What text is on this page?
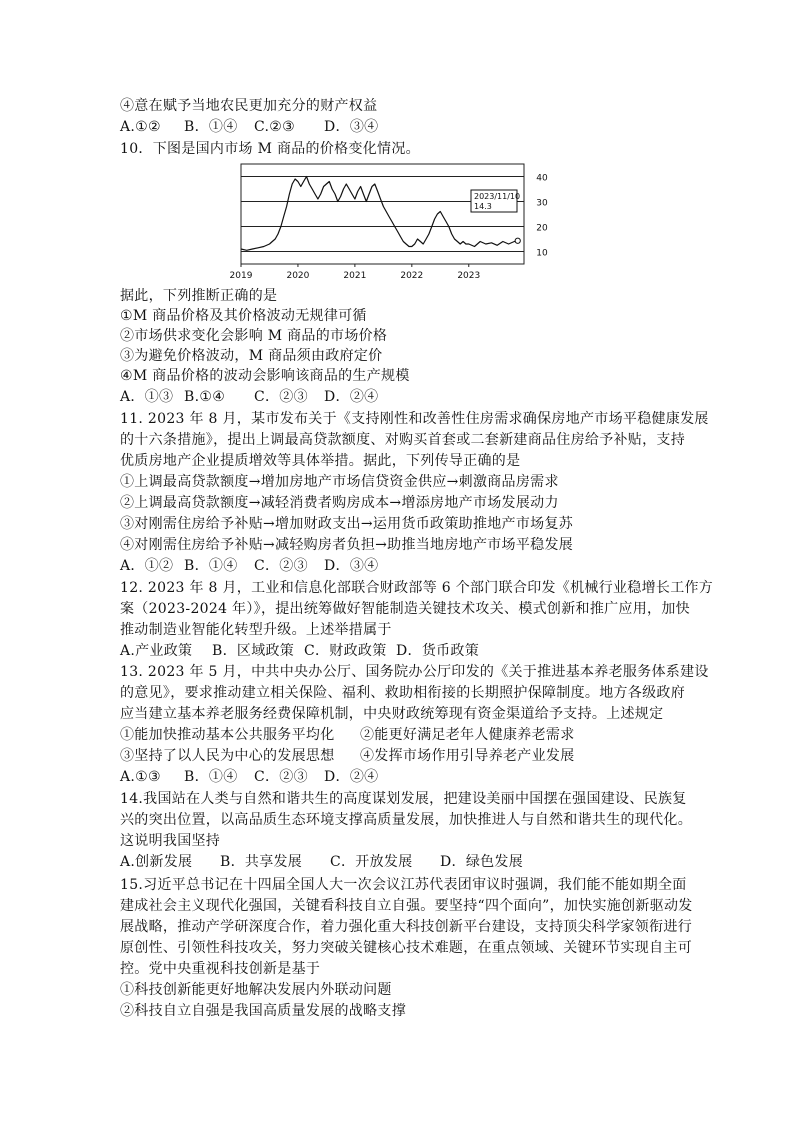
④意在赋予当地农民更加充分的财产权益
A.①② B．①④ C.②③ D．③④
10．下图是国内市场 M 商品的价格变化情况。
10
20
30
40
2019	2020	2021	2022	2023
2023/11/10
14.3
据此，下列推断正确的是
①M 商品价格及其价格波动无规律可循
②市场供求变化会影响 M 商品的市场价格
③为避免价格波动，M 商品须由政府定价
④M 商品价格的波动会影响该商品的生产规模
A．①③ B.①④ C．②③ D．②④
11. 2023 年 8 月，某市发布关于《支持刚性和改善性住房需求确保房地产市场平稳健康发展
的十六条措施》，提出上调最高贷款额度、对购买首套或二套新建商品住房给予补贴，支持
优质房地产企业提质增效等具体举措。据此，下列传导正确的是
①上调最高贷款额度→增加房地产市场信贷资金供应→刺激商品房需求
②上调最高贷款额度→减轻消费者购房成本→增添房地产市场发展动力
③对刚需住房给予补贴→增加财政支出→运用货币政策助推地产市场复苏
④对刚需住房给予补贴→减轻购房者负担→助推当地房地产市场平稳发展
A．①② B．①④ C．②③ D．③④
12. 2023 年 8 月，工业和信息化部联合财政部等 6 个部门联合印发《机械行业稳增长工作方
案（2023-2024 年）》，提出统筹做好智能制造关键技术攻关、模式创新和推广应用，加快
推动制造业智能化转型升级。上述举措属于
A.产业政策 B．区域政策 C．财政政策 D．货币政策
13. 2023 年 5 月，中共中央办公厅、国务院办公厅印发的《关于推进基本养老服务体系建设
的意见》，要求推动建立相关保险、福利、救助相衔接的长期照护保障制度。地方各级政府
应当建立基本养老服务经费保障机制，中央财政统筹现有资金渠道给予支持。上述规定
①能加快推动基本公共服务平均化 ②能更好满足老年人健康养老需求
③坚持了以人民为中心的发展思想 ④发挥市场作用引导养老产业发展
A.①③ B．①④ C．②③ D．②④
14.我国站在人类与自然和谐共生的高度谋划发展，把建设美丽中国摆在强国建设、民族复
兴的突出位置，以高品质生态环境支撑高质量发展，加快推进人与自然和谐共生的现代化。
这说明我国坚持
A.创新发展 B．共享发展 C．开放发展 D．绿色发展
15.习近平总书记在十四届全国人大一次会议江苏代表团审议时强调，我们能不能如期全面
建成社会主义现代化强国，关键看科技自立自强。要坚持“四个面向”，加快实施创新驱动发
展战略，推动产学研深度合作，着力强化重大科技创新平台建设，支持顶尖科学家领衔进行
原创性、引领性科技攻关，努力突破关键核心技术难题，在重点领域、关键环节实现自主可
控。党中央重视科技创新是基于
①科技创新能更好地解决发展内外联动问题
②科技自立自强是我国高质量发展的战略支撑
